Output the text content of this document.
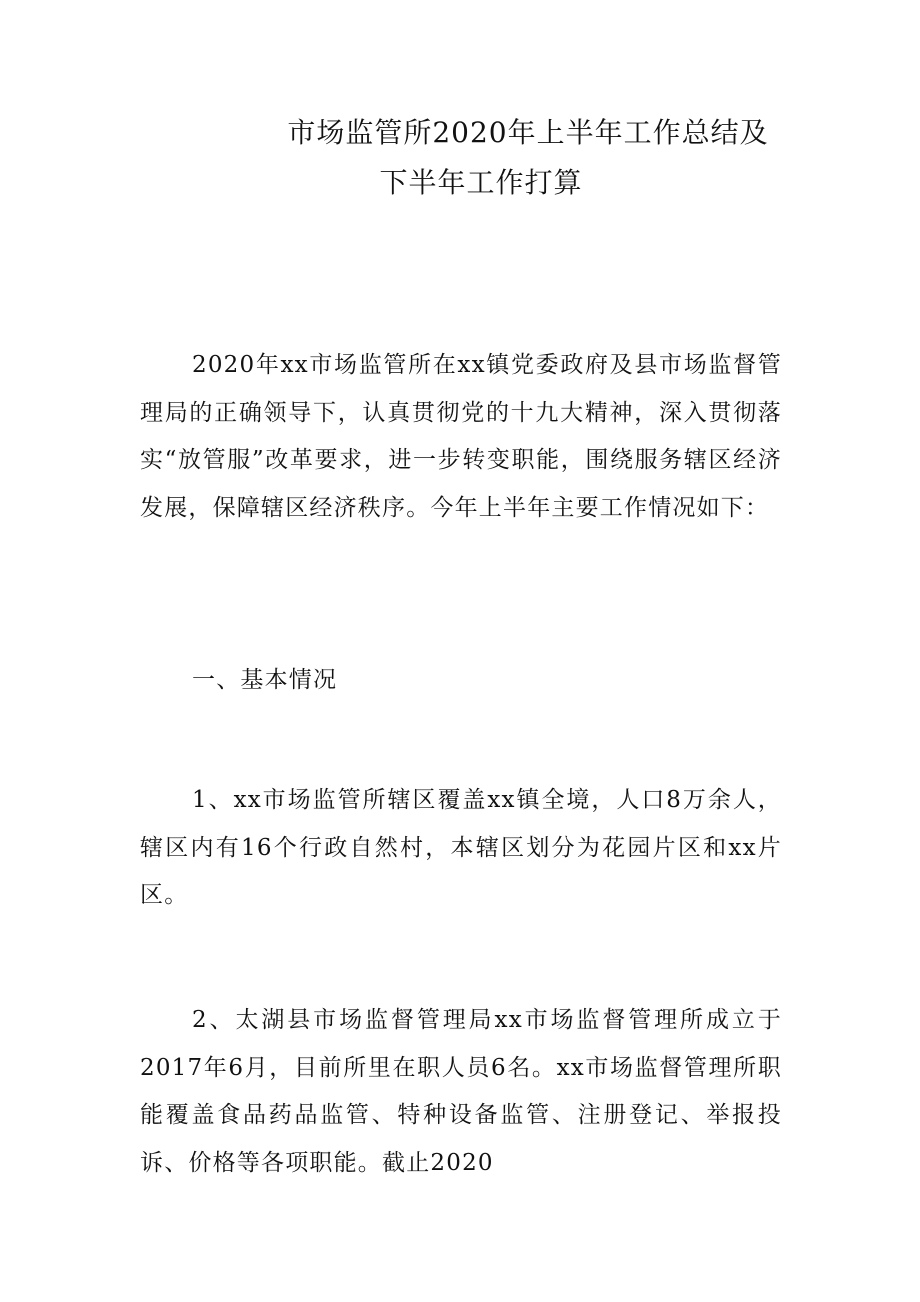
市场监管所2020年上半年工作总结及
下半年工作打算

2020年xx市场监管所在xx镇党委政府及县市场监督管理局的正确领导下，认真贯彻党的十九大精神，深入贯彻落实“放管服”改革要求，进一步转变职能，围绕服务辖区经济发展，保障辖区经济秩序。今年上半年主要工作情况如下：

一、基本情况

1、xx市场监管所辖区覆盖xx镇全境，人口8万余人，辖区内有16个行政自然村，本辖区划分为花园片区和xx片区。

2、太湖县市场监督管理局xx市场监督管理所成立于2017年6月，目前所里在职人员6名。xx市场监督管理所职能覆盖食品药品监管、特种设备监管、注册登记、举报投诉、价格等各项职能。截止2020
